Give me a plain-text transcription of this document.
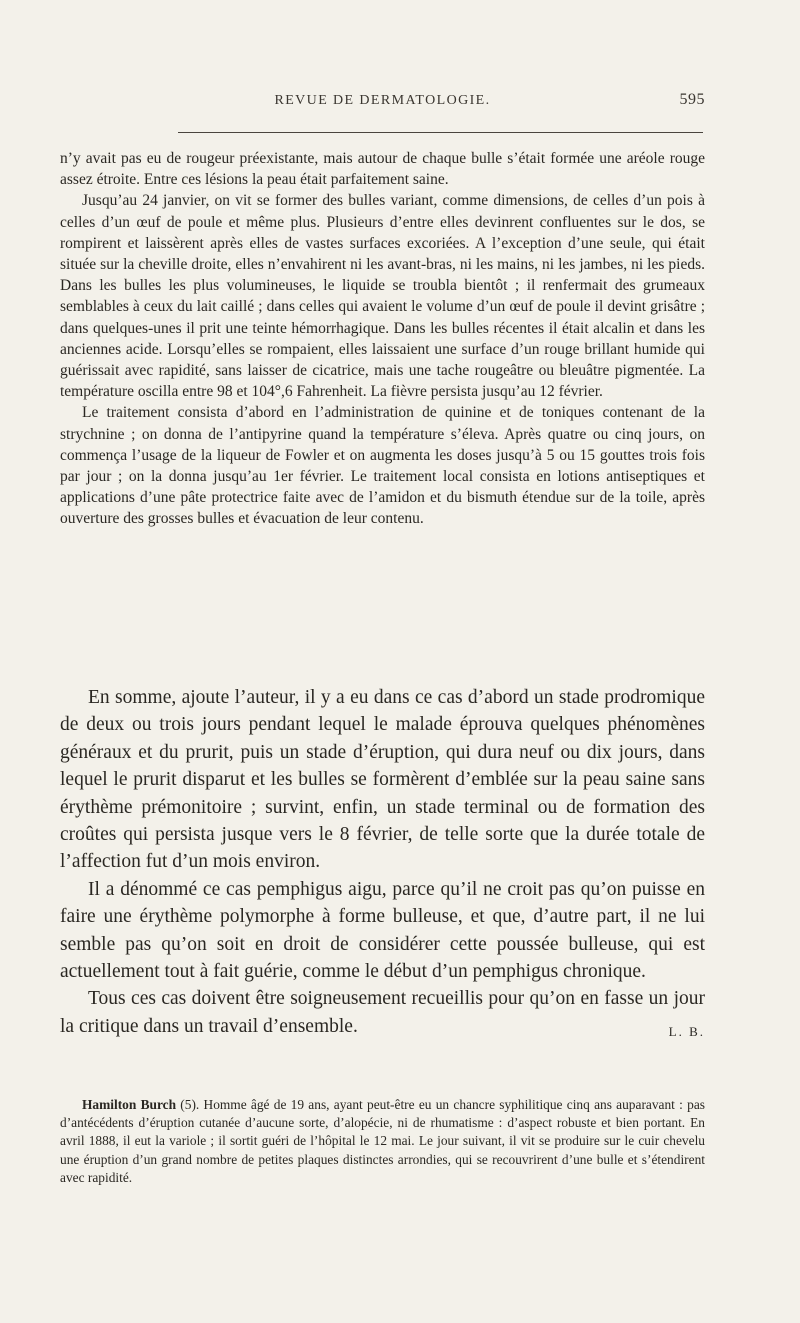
REVUE DE DERMATOLOGIE.	595

n’y avait pas eu de rougeur préexistante, mais autour de chaque bulle s’était formée une aréole rouge assez étroite. Entre ces lésions la peau était parfaitement saine.

Jusqu’au 24 janvier, on vit se former des bulles variant, comme dimensions, de celles d’un pois à celles d’un œuf de poule et même plus. Plusieurs d’entre elles devinrent confluentes sur le dos, se rompirent et laissèrent après elles de vastes surfaces excoriées. A l’exception d’une seule, qui était située sur la cheville droite, elles n’envahirent ni les avant-bras, ni les mains, ni les jambes, ni les pieds. Dans les bulles les plus volumineuses, le liquide se troubla bientôt ; il renfermait des grumeaux semblables à ceux du lait caillé ; dans celles qui avaient le volume d’un œuf de poule il devint grisâtre ; dans quelques-unes il prit une teinte hémorrhagique. Dans les bulles récentes il était alcalin et dans les anciennes acide. Lorsqu’elles se rompaient, elles laissaient une surface d’un rouge brillant humide qui guérissait avec rapidité, sans laisser de cicatrice, mais une tache rougeâtre ou bleuâtre pigmentée. La température oscilla entre 98 et 104°,6 Fahrenheit. La fièvre persista jusqu’au 12 février.

Le traitement consista d’abord en l’administration de quinine et de toniques contenant de la strychnine ; on donna de l’antipyrine quand la température s’éleva. Après quatre ou cinq jours, on commença l’usage de la liqueur de Fowler et on augmenta les doses jusqu’à 5 ou 15 gouttes trois fois par jour ; on la donna jusqu’au 1er février. Le traitement local consista en lotions antiseptiques et applications d’une pâte protectrice faite avec de l’amidon et du bismuth étendue sur de la toile, après ouverture des grosses bulles et évacuation de leur contenu.

En somme, ajoute l’auteur, il y a eu dans ce cas d’abord un stade prodromique de deux ou trois jours pendant lequel le malade éprouva quelques phénomènes généraux et du prurit, puis un stade d’éruption, qui dura neuf ou dix jours, dans lequel le prurit disparut et les bulles se formèrent d’emblée sur la peau saine sans érythème prémonitoire ; survint, enfin, un stade terminal ou de formation des croûtes qui persista jusque vers le 8 février, de telle sorte que la durée totale de l’affection fut d’un mois environ.

Il a dénommé ce cas pemphigus aigu, parce qu’il ne croit pas qu’on puisse en faire une érythème polymorphe à forme bulleuse, et que, d’autre part, il ne lui semble pas qu’on soit en droit de considérer cette poussée bulleuse, qui est actuellement tout à fait guérie, comme le début d’un pemphigus chronique.

Tous ces cas doivent être soigneusement recueillis pour qu’on en fasse un jour la critique dans un travail d’ensemble.	L. B.

Hamilton Burch (5). Homme âgé de 19 ans, ayant peut-être eu un chancre syphilitique cinq ans auparavant : pas d’antécédents d’éruption cutanée d’aucune sorte, d’alopécie, ni de rhumatisme : d’aspect robuste et bien portant. En avril 1888, il eut la variole ; il sortit guéri de l’hôpital le 12 mai. Le jour suivant, il vit se produire sur le cuir chevelu une éruption d’un grand nombre de petites plaques distinctes arrondies, qui se recouvrirent d’une bulle et s’étendirent avec rapidité.
